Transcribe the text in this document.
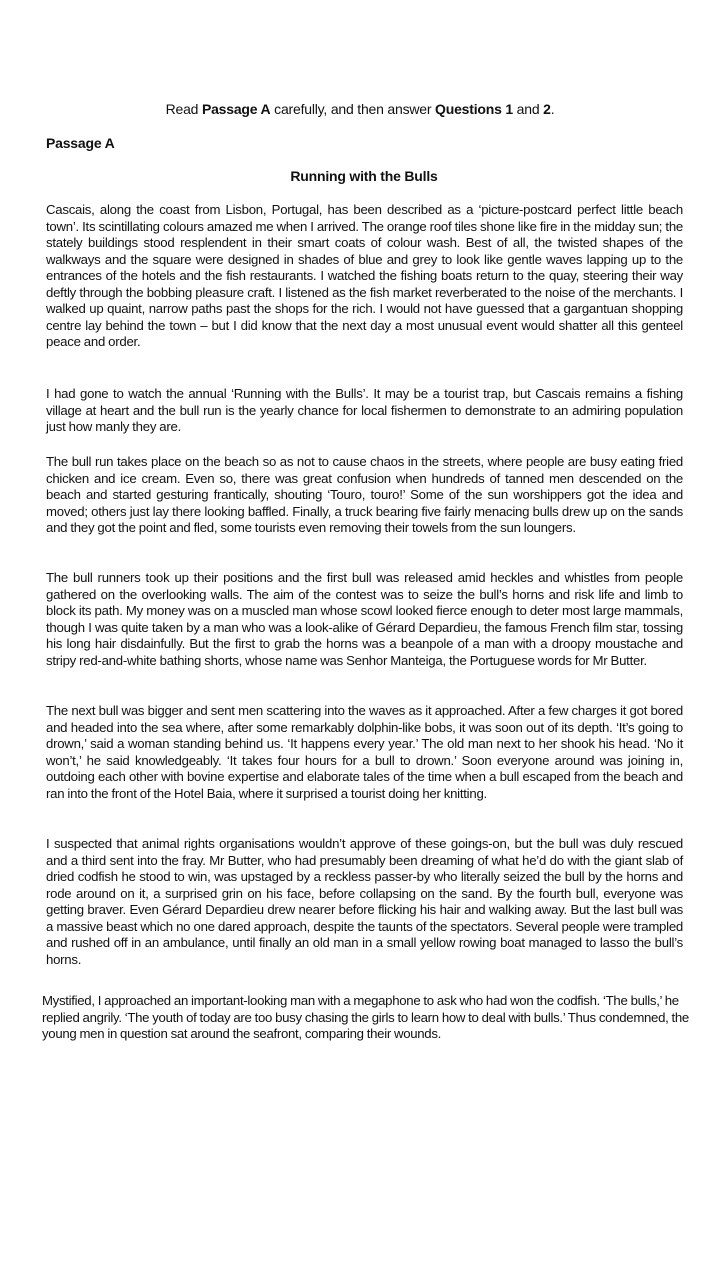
Read Passage A carefully, and then answer Questions 1 and 2.
Passage A
Running with the Bulls

Cascais, along the coast from Lisbon, Portugal, has been described as a ‘picture-postcard perfect little beach town’. Its scintillating colours amazed me when I arrived. The orange roof tiles shone like fire in the midday sun; the stately buildings stood resplendent in their smart coats of colour wash. Best of all, the twisted shapes of the walkways and the square were designed in shades of blue and grey to look like gentle waves lapping up to the entrances of the hotels and the fish restaurants. I watched the fishing boats return to the quay, steering their way deftly through the bobbing pleasure craft. I listened as the fish market reverberated to the noise of the merchants. I walked up quaint, narrow paths past the shops for the rich. I would not have guessed that a gargantuan shopping centre lay behind the town – but I did know that the next day a most unusual event would shatter all this genteel peace and order.

I had gone to watch the annual ‘Running with the Bulls’. It may be a tourist trap, but Cascais remains a fishing village at heart and the bull run is the yearly chance for local fishermen to demonstrate to an admiring population just how manly they are.

The bull run takes place on the beach so as not to cause chaos in the streets, where people are busy eating fried chicken and ice cream. Even so, there was great confusion when hundreds of tanned men descended on the beach and started gesturing frantically, shouting ‘Touro, touro!’ Some of the sun worshippers got the idea and moved; others just lay there looking baffled. Finally, a truck bearing five fairly menacing bulls drew up on the sands and they got the point and fled, some tourists even removing their towels from the sun loungers.

The bull runners took up their positions and the first bull was released amid heckles and whistles from people gathered on the overlooking walls. The aim of the contest was to seize the bull’s horns and risk life and limb to block its path. My money was on a muscled man whose scowl looked fierce enough to deter most large mammals, though I was quite taken by a man who was a look-alike of Gérard Depardieu, the famous French film star, tossing his long hair disdainfully. But the first to grab the horns was a beanpole of a man with a droopy moustache and stripy red-and-white bathing shorts, whose name was Senhor Manteiga, the Portuguese words for Mr Butter.

The next bull was bigger and sent men scattering into the waves as it approached. After a few charges it got bored and headed into the sea where, after some remarkably dolphin-like bobs, it was soon out of its depth. ‘It’s going to drown,’ said a woman standing behind us. ‘It happens every year.’ The old man next to her shook his head. ‘No it won’t,’ he said knowledgeably. ‘It takes four hours for a bull to drown.’ Soon everyone around was joining in, outdoing each other with bovine expertise and elaborate tales of the time when a bull escaped from the beach and ran into the front of the Hotel Baia, where it surprised a tourist doing her knitting.

I suspected that animal rights organisations wouldn’t approve of these goings-on, but the bull was duly rescued and a third sent into the fray. Mr Butter, who had presumably been dreaming of what he’d do with the giant slab of dried codfish he stood to win, was upstaged by a reckless passer-by who literally seized the bull by the horns and rode around on it, a surprised grin on his face, before collapsing on the sand. By the fourth bull, everyone was getting braver. Even Gérard Depardieu drew nearer before flicking his hair and walking away. But the last bull was a massive beast which no one dared approach, despite the taunts of the spectators. Several people were trampled and rushed off in an ambulance, until finally an old man in a small yellow rowing boat managed to lasso the bull’s horns.

Mystified, I approached an important-looking man with a megaphone to ask who had won the codfish. ‘The bulls,’ he replied angrily. ‘The youth of today are too busy chasing the girls to learn how to deal with bulls.’ Thus condemned, the young men in question sat around the seafront, comparing their wounds.
